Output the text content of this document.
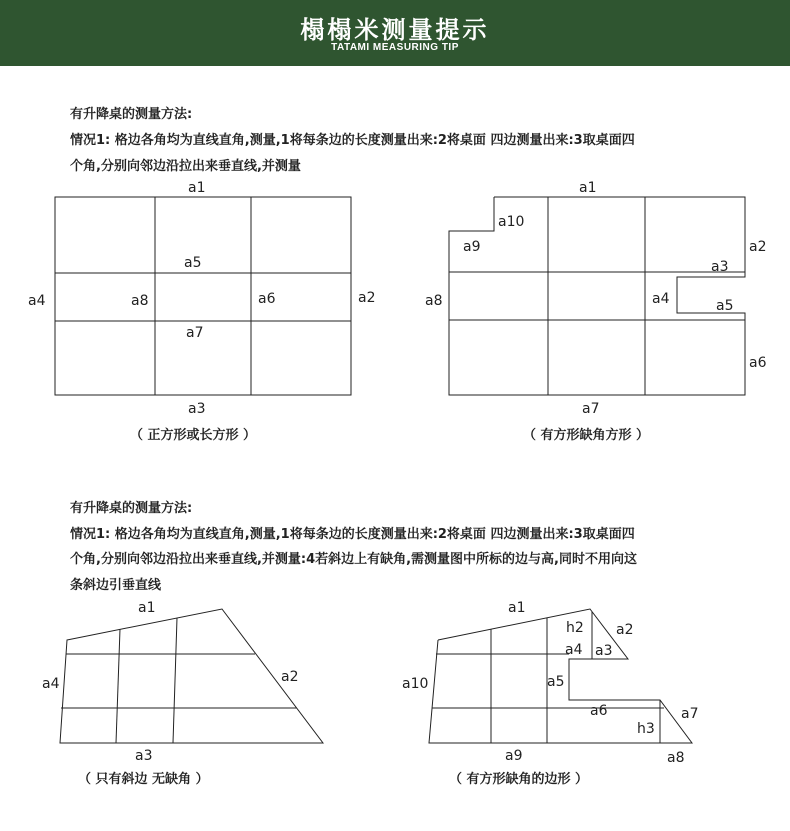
榻榻米测量提示
TATAMI MEASURING TIP
有升降桌的测量方法:
情况1: 格边各角均为直线直角,测量,1将每条边的长度测量出来:2将桌面 四边测量出来:3取桌面四
个角,分别向邻边沿拉出来垂直线,并测量
a1
a3
a4	a2
a5
a6
a7
a8
a1
a2
a3
a4	a5
a6
a7
a8
a9
a10
a1
a2
a3
a4
a1
a2
a3
a4
a5
a6	a7
a8
a9
a10
h2
h3
（ 正方形或长方形 ）	（ 有方形缺角方形 ）
有升降桌的测量方法:
情况1: 格边各角均为直线直角,测量,1将每条边的长度测量出来:2将桌面 四边测量出来:3取桌面四
个角,分别向邻边沿拉出来垂直线,并测量:4若斜边上有缺角,需测量图中所标的边与高,同时不用向这
条斜边引垂直线
（ 只有斜边 无缺角 ）	（ 有方形缺角的边形 ）
